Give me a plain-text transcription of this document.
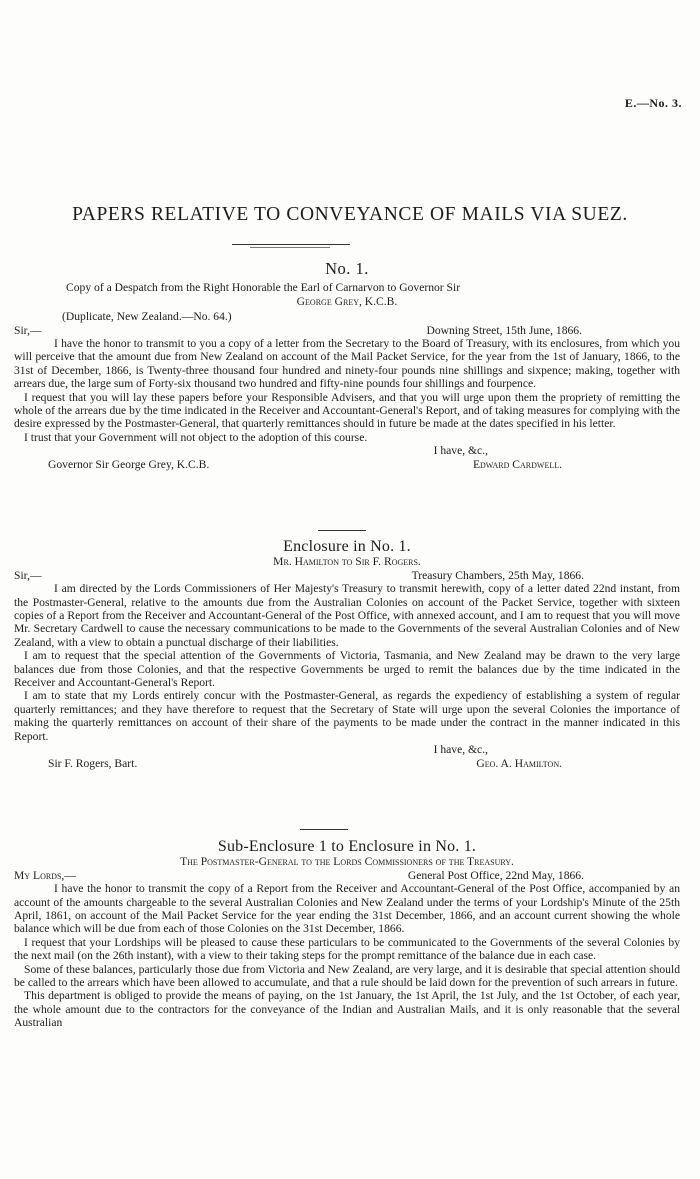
E.—No. 3.
PAPERS RELATIVE TO CONVEYANCE OF MAILS VIA SUEZ.
No. 1.

Copy of a Despatch from the Right Honorable the Earl of Carnarvon to Governor Sir

George Grey, K.C.B.

(Duplicate, New Zealand.—No. 64.)

Sir,—	Downing Street, 15th June, 1866.

I have the honor to transmit to you a copy of a letter from the Secretary to the Board of Treasury, with its enclosures, from which you will perceive that the amount due from New Zealand on account of the Mail Packet Service, for the year from the 1st of January, 1866, to the 31st of December, 1866, is Twenty-three thousand four hundred and ninety-four pounds nine shillings and sixpence; making, together with arrears due, the large sum of Forty-six thousand two hundred and fifty-nine pounds four shillings and fourpence.

I request that you will lay these papers before your Responsible Advisers, and that you will urge upon them the propriety of remitting the whole of the arrears due by the time indicated in the Receiver and Accountant-General's Report, and of taking measures for complying with the desire expressed by the Postmaster-General, that quarterly remittances should in future be made at the dates specified in his letter.

I trust that your Government will not object to the adoption of this course.

I have, &c.,

Governor Sir George Grey, K.C.B.	Edward Cardwell.
Enclosure in No. 1.

Mr. Hamilton to Sir F. Rogers.

Sir,—	Treasury Chambers, 25th May, 1866.

I am directed by the Lords Commissioners of Her Majesty's Treasury to transmit herewith, copy of a letter dated 22nd instant, from the Postmaster-General, relative to the amounts due from the Australian Colonies on account of the Packet Service, together with sixteen copies of a Report from the Receiver and Accountant-General of the Post Office, with annexed account, and I am to request that you will move Mr. Secretary Cardwell to cause the necessary communications to be made to the Governments of the several Australian Colonies and of New Zealand, with a view to obtain a punctual discharge of their liabilities.

I am to request that the special attention of the Governments of Victoria, Tasmania, and New Zealand may be drawn to the very large balances due from those Colonies, and that the respective Governments be urged to remit the balances due by the time indicated in the Receiver and Accountant-General's Report.

I am to state that my Lords entirely concur with the Postmaster-General, as regards the expediency of establishing a system of regular quarterly remittances; and they have therefore to request that the Secretary of State will urge upon the several Colonies the importance of making the quarterly remittances on account of their share of the payments to be made under the contract in the manner indicated in this Report.

I have, &c.,

Sir F. Rogers, Bart.	Geo. A. Hamilton.
Sub-Enclosure 1 to Enclosure in No. 1.

The Postmaster-General to the Lords Commissioners of the Treasury.

My Lords,—	General Post Office, 22nd May, 1866.

I have the honor to transmit the copy of a Report from the Receiver and Accountant-General of the Post Office, accompanied by an account of the amounts chargeable to the several Australian Colonies and New Zealand under the terms of your Lordship's Minute of the 25th April, 1861, on account of the Mail Packet Service for the year ending the 31st December, 1866, and an account current showing the whole balance which will be due from each of those Colonies on the 31st December, 1866.

I request that your Lordships will be pleased to cause these particulars to be communicated to the Governments of the several Colonies by the next mail (on the 26th instant), with a view to their taking steps for the prompt remittance of the balance due in each case.

Some of these balances, particularly those due from Victoria and New Zealand, are very large, and it is desirable that special attention should be called to the arrears which have been allowed to accumulate, and that a rule should be laid down for the prevention of such arrears in future.

This department is obliged to provide the means of paying, on the 1st January, the 1st April, the 1st July, and the 1st October, of each year, the whole amount due to the contractors for the conveyance of the Indian and Australian Mails, and it is only reasonable that the several Australian
